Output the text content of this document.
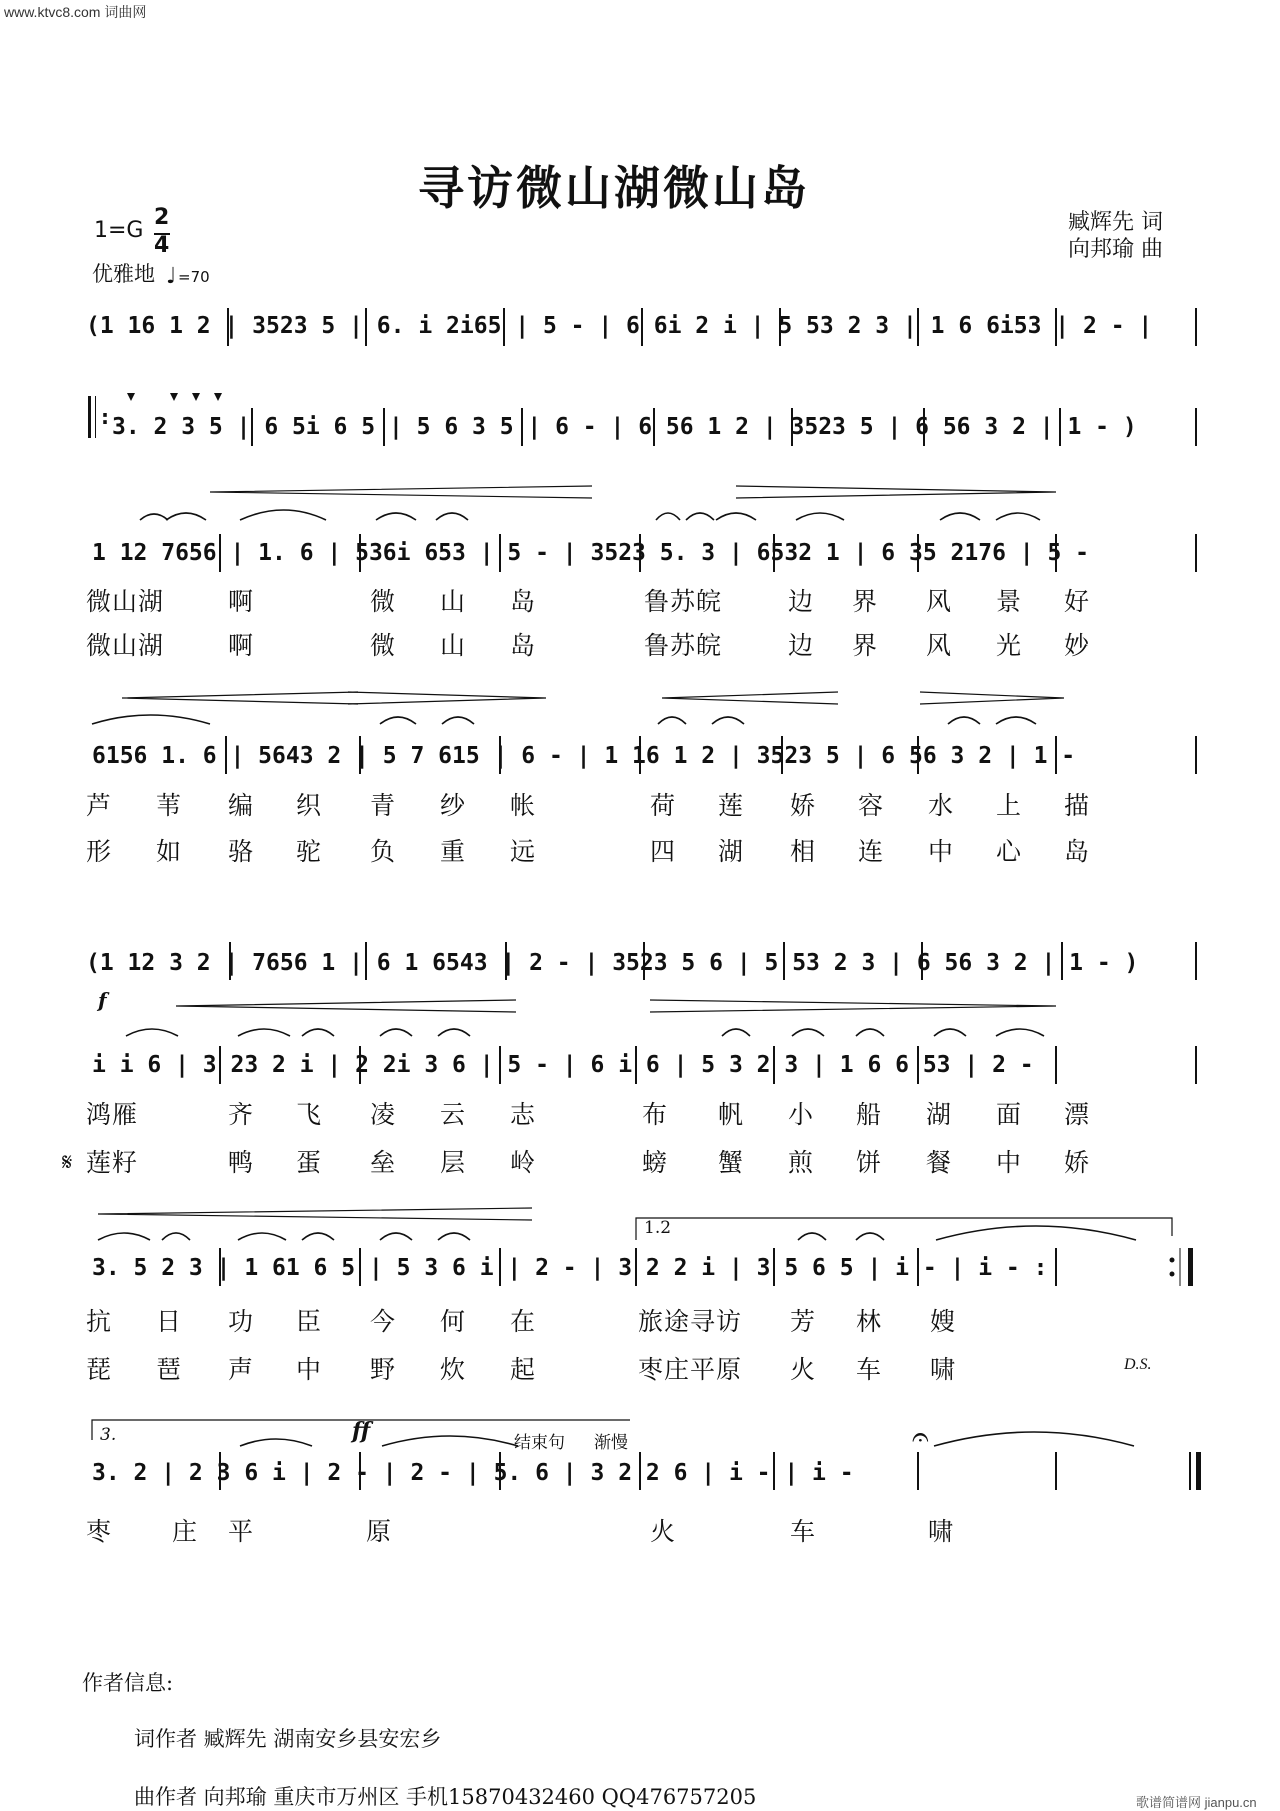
www.ktvc8.com 词曲网
寻访微山湖微山岛
臧辉先 词
向邦瑜 曲
1=G
2
4
优雅地 ♩ =70
(1 16 1 2 | 3523 5 | 6. i 2i65 | 5 - | 6 6i 2 i | 5 53 2 3 | 1 6 6i53 | 2 - |
: 3. 2 3 5 | 6 5i 6 5 | 5 6 3 5 | 6 - | 6 56 1 2 | 3523 5 | 6 56 3 2 | 1 - )
1 12 7656 | 1. 6 | 536i 653 | 5 - | 3523 5. 3 | 6532 1 | 6 35 2176 | 5 -
微山湖	啊	微 山 岛	鲁苏皖	边 界 风 景 好
微山湖	啊	微 山 岛	鲁苏皖	边 界 风 光 妙
6156 1. 6 | 5643 2 | 5 7 615 | 6 - | 1 16 1 2 | 3523 5 | 6 56 3 2 | 1 -
芦 苇 编 织 青 纱 帐	荷 莲 娇 容 水 上 描
形 如 骆 驼 负 重 远	四 湖 相 连 中 心 岛
(1 12 3 2 | 7656 1 | 6 1 6543 | 2 - | 3523 5 6 | 5 53 2 3 | 6 56 3 2 | 1 - )
f
i i 6 | 3 23 2 i | 2 2i 3 6 | 5 - | 6 i 6 | 5 3 2 3 | 1 6 6 53 | 2 -
鸿雁	齐 飞 凌 云 志	布 帆 小 船 湖 面 漂
𝄋 莲籽	鸭 蛋 垒 层 岭	螃 蟹 煎 饼 餐 中 娇
1.2
3. 5 2 3 | 1 61 6 5 | 5 3 6 i | 2 - | 3 2 2 i | 3 5 6 5 | i - | i - :
抗 日 功 臣 今 何 在	旅途寻访 芳 林 嫂
琵 琶 声 中 野 炊 起	枣庄平原 火 车 啸	D.S.
3.	ff	结束句 渐慢	𝄐
3. 2 | 2 3 6 i | 2 - | 2 - | 5. 6 | 3 2 2 6 | i - | i -
枣 庄 平	原	火	车	啸
作者信息:
词作者 臧辉先 湖南安乡县安宏乡
曲作者 向邦瑜 重庆市万州区 手机15870432460 QQ476757205	歌谱简谱网 jianpu.cn
